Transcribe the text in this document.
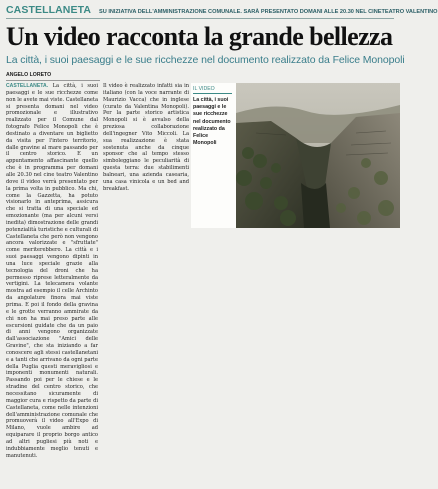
CASTELLANETA SU INIZIATIVA DELL'AMMINISTRAZIONE COMUNALE. SARÀ PRESENTATO DOMANI ALLE 20.30 NEL CINETEATRO VALENTINO
Un video racconta la grande bellezza
La città, i suoi paesaggi e le sue ricchezze nel documento realizzato da Felice Monopoli
ANGELO LORETO

CASTELLANETA. La città, i suoi paesaggi e le sue ricchezze come non le avete mai viste. Castellaneta si presenta domani nel video promozionale e illustrativo realizzato per il Comune dal fotografo Felice Monopoli che è destinato a diventare un biglietto da visita per l'intero territorio, dalle gravine al mare passando per il centro storico. E un appuntamento affascinante quello che è in programma per domani alle 20.30 nel cine teatro Valentino dove il video verrà presentato per la prima volta in pubblico. Ma chi, come la Gazzetta, ha potuto visionarlo in anteprima, assicura che si tratta di una speciale ed emozionante (ma per alcuni versi inedita) dimostrazione delle grandi potenzialità turistiche e culturali di Castellaneta che però non vengono ancora valorizzate e "sfruttate" come meriterebbero. La città e i suoi paesaggi vengono dipinti in una luce speciale grazie alla tecnologia del droni che ha permesso riprese letteralmente da vertigini. La telecamera volante mostra ad esempio il celle Archinto da angolature finora mai viste prima. E poi il fondo della gravina e le grotte verranno ammirate da chi non ha mai preso parte alle escursioni guidate che da un paio di anni vengono organizzate dall'associazione "Amici delle Gravine", che sta iniziando a far conoscere agli stessi castellanetani e a tanti che arrivano da ogni parte della Puglia questi meravigliosi e imponenti monumenti naturali. Passando poi per le chiese e le stradine del centro storico, che necessitano sicuramente di maggior cura e rispetto da parte di Castellaneta, come nelle intenzioni dell'amministrazione comunale che promuoverà il video all'Expo di Milano, vuole ambire ad equiparare il proprio borgo antico ad altri pugliesi più noti e indubbiamente meglio tenuti e manutenuti.

Il video è realizzato infatti sia in italiano (con la voce narrante di Maurizio Vacca) che in inglese (curato da Valentina Monopoli). Per la parte storico artistica Monopoli si è avvalso della preziosa collaborazione dell'ingegner Vito Miccoli. La sua realizzazione è stata sostenuta anche da cinque sponsor che al tempo stesso simboleggiano le peculiarità di questa terra: due stabilimenti balneari, una azienda casearia, una casa vinicola e un bed and breakfast.

IL VIDEO
La città, i suoi paesaggi e le sue ricchezze nel documento realizzato da Felice Monopoli
